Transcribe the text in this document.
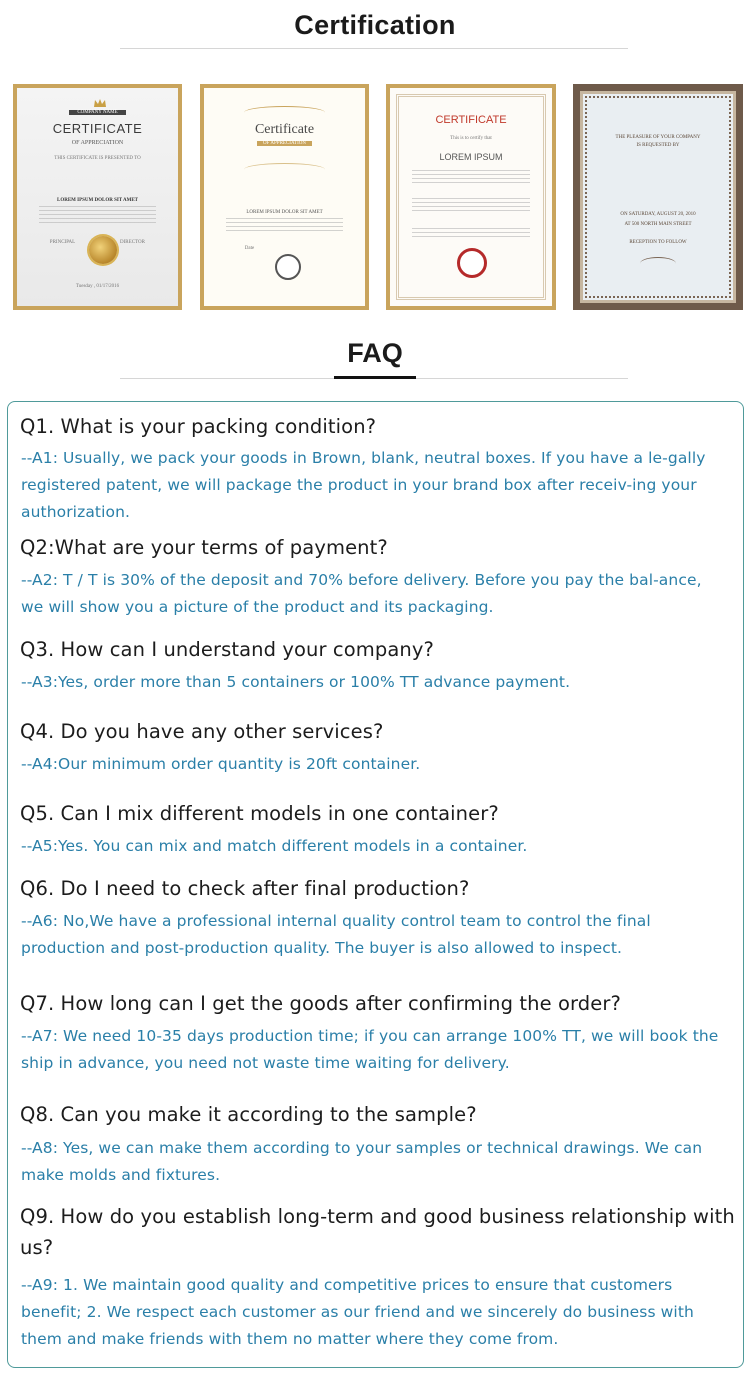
Certification
COMPANY NAME
CERTIFICATE
OF APPRECIATION
THIS CERTIFICATE IS PRESENTED TO
LOREM IPSUM DOLOR SIT AMET
PRINCIPAL	DIRECTOR
Tuesday , 01/17/2016
Certificate
OF APPRECIATION
LOREM IPSUM DOLOR SIT AMET
Date
CERTIFICATE
This is to certify that
LOREM IPSUM
THE PLEASURE OF YOUR COMPANY
IS REQUESTED BY
ON SATURDAY, AUGUST 20, 2010
AT 500 NORTH MAIN STREET
RECEPTION TO FOLLOW
FAQ
Q1. What is your packing condition?
--A1: Usually, we pack your goods in Brown, blank, neutral boxes. If you have a le-gally registered patent, we will package the product in your brand box after receiv-ing your authorization.
Q2:What are your terms of payment?
--A2: T / T is 30% of the deposit and 70% before delivery. Before you pay the bal-ance, we will show you a picture of the product and its packaging.
Q3. How can I understand your company?
--A3:Yes, order more than 5 containers or 100% TT advance payment.
Q4. Do you have any other services?
--A4:Our minimum order quantity is 20ft container.
Q5. Can I mix different models in one container?
--A5:Yes. You can mix and match different models in a container.
Q6. Do I need to check after final production?
--A6: No,We have a professional internal quality control team to control the final production and post-production quality. The buyer is also allowed to inspect.
Q7. How long can I get the goods after confirming the order?
--A7: We need 10-35 days production time; if you can arrange 100% TT, we will book the ship in advance, you need not waste time waiting for delivery.
Q8. Can you make it according to the sample?
--A8: Yes, we can make them according to your samples or technical drawings. We can make molds and fixtures.
Q9. How do you establish long-term and good business relationship with us?
--A9: 1. We maintain good quality and competitive prices to ensure that customers benefit; 2. We respect each customer as our friend and we sincerely do business with them and make friends with them no matter where they come from.
